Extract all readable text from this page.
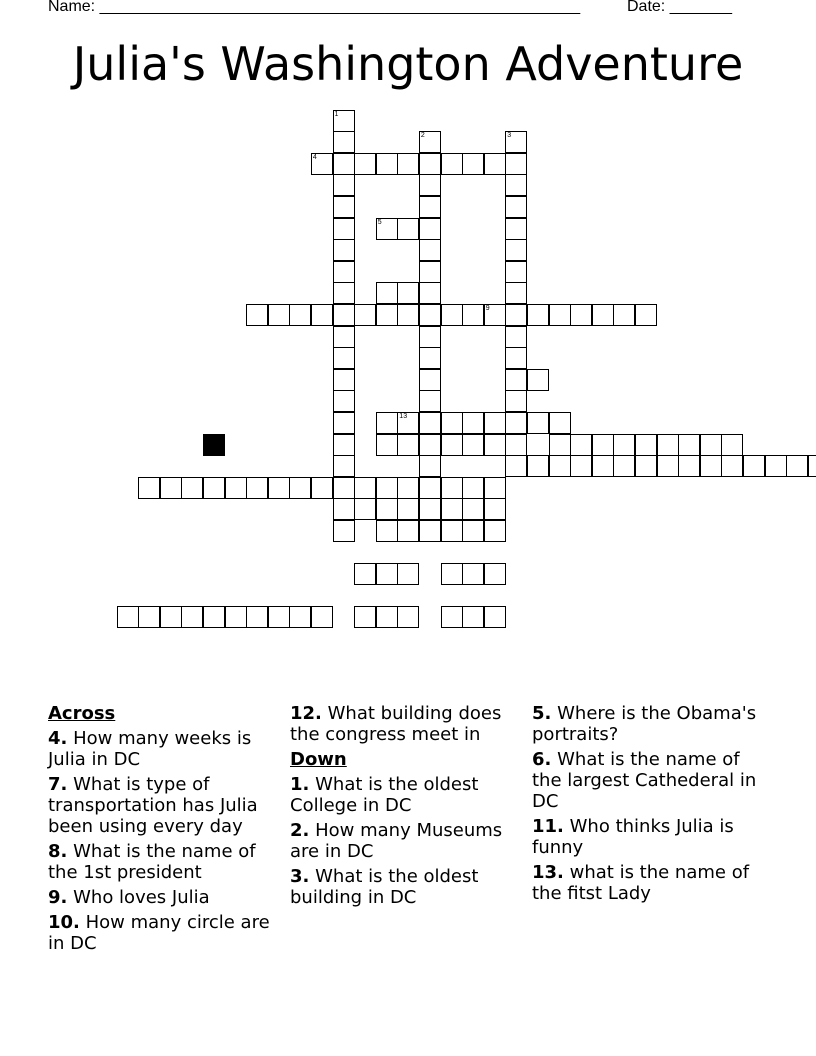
Name: ______________________________________________________	Date: _______
Julia's Washington Adventure
1
2	3
4
5
9
13
Across
4. How many weeks is Julia in DC
7. What is type of transportation has Julia been using every day
8. What is the name of the 1st president
9. Who loves Julia
10. How many circle are in DC
12. What building does the congress meet in
Down
1. What is the oldest College in DC
2. How many Museums are in DC
3. What is the oldest building in DC
5. Where is the Obama's portraits?
6. What is the name of the largest Cathederal in DC
11. Who thinks Julia is funny
13. what is the name of the fitst Lady
